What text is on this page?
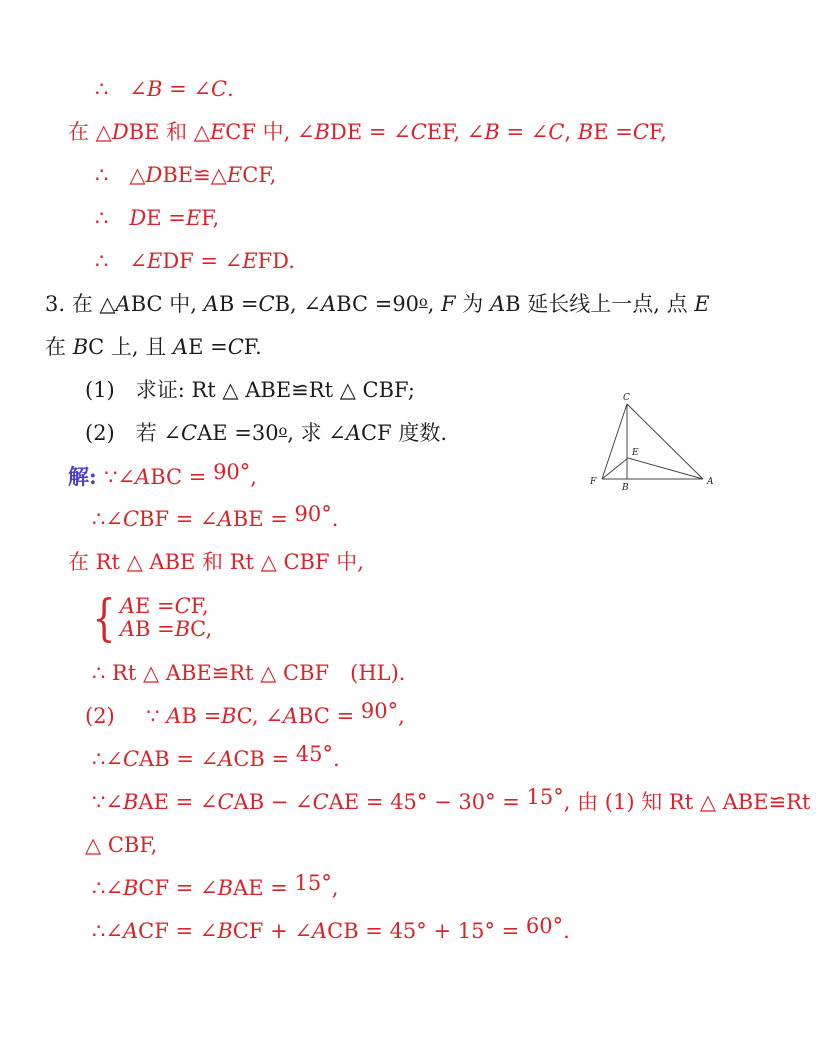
∴ ∠B = ∠C.
在 △DBE 和 △ECF 中, ∠BDE = ∠CEF, ∠B = ∠C, BE =CF,
∴ △DBE≌△ECF,
∴ DE =EF,
∴ ∠EDF = ∠EFD.
3. 在 △ABC 中, AB =CB, ∠ABC $=90^o$, F 为 AB 延长线上一点, 点 E
在 BC 上, 且 AE =CF.
(1) 求证: Rt △ ABE≌Rt △ CBF;
(2) 若 ∠CAE $=30^o$, 求 ∠ACF 度数.
解: ∵∠ABC = 90°,
∴∠CBF = ∠ABE = 90°.
在 Rt △ ABE 和 Rt △ CBF 中,
{ AE =CF,
AB =BC,
∴ Rt △ ABE≌Rt △ CBF (HL).
(2)  ∵ AB =BC, ∠ABC = 90°,
∴∠CAB = ∠ACB = 45°.
∵∠BAE = ∠CAB − ∠CAE = 45° − 30° = 15°, 由 (1) 知 Rt △ ABE≌Rt
△ CBF,
∴∠BCF = ∠BAE = 15°,
∴∠ACF = ∠BCF + ∠ACB = 45° + 15° = 60°.
C
E
F
B
A
